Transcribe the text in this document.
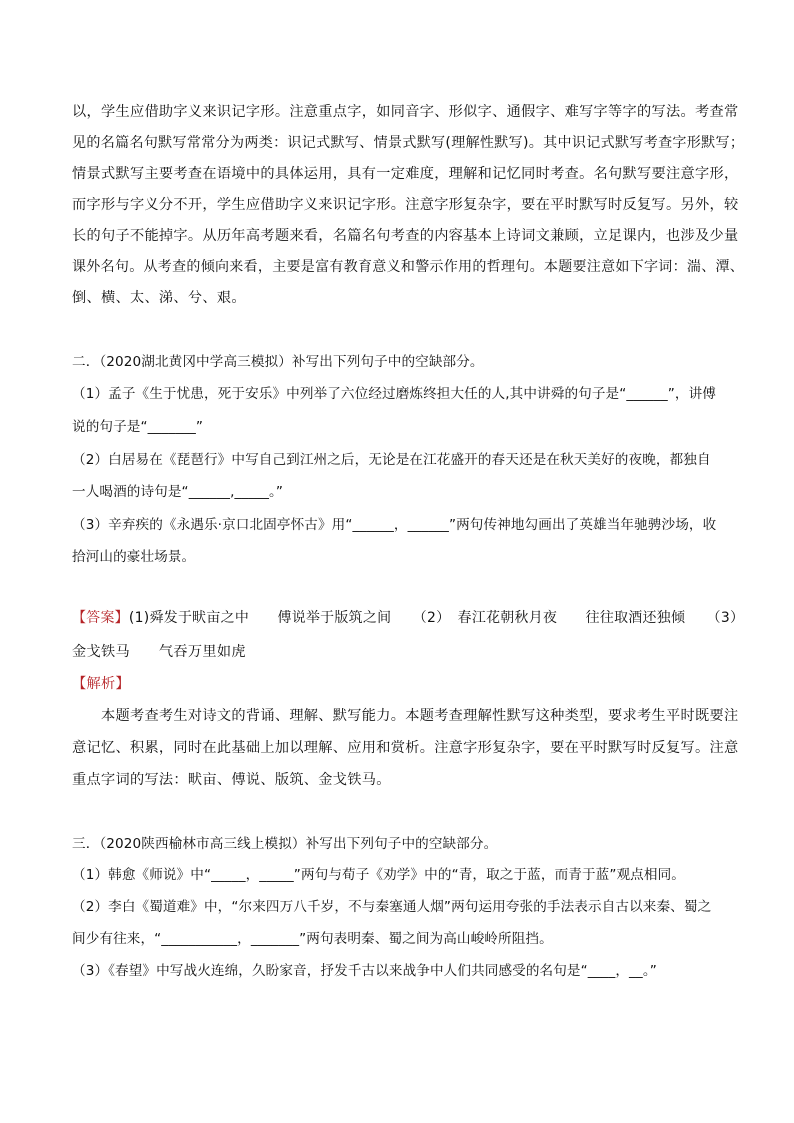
以，学生应借助字义来识记字形。注意重点字，如同音字、形似字、通假字、难写字等字的写法。考查常
见的名篇名句默写常常分为两类：识记式默写、情景式默写(理解性默写)。其中识记式默写考查字形默写；
情景式默写主要考查在语境中的具体运用，具有一定难度，理解和记忆同时考查。名句默写要注意字形，
而字形与字义分不开，学生应借助字义来识记字形。注意字形复杂字，要在平时默写时反复写。另外，较
长的句子不能掉字。从历年高考题来看，名篇名句考查的内容基本上诗词文兼顾，立足课内，也涉及少量
课外名句。从考查的倾向来看，主要是富有教育意义和警示作用的哲理句。本题要注意如下字词：湍、潭、
倒、横、太、涕、兮、艰。
二．（2020湖北黄冈中学高三模拟）补写出下列句子中的空缺部分。
（1）孟子《生于忧患，死于安乐》中列举了六位经过磨炼终担大任的人,其中讲舜的句子是“______”，讲傅
说的句子是“_______”
（2）白居易在《琵琶行》中写自己到江州之后，无论是在江花盛开的春天还是在秋天美好的夜晚，都独自
一人喝酒的诗句是“______,_____。”
（3）辛弃疾的《永遇乐·京口北固亭怀古》用“______，______”两句传神地勾画出了英雄当年驰骋沙场，收
拾河山的豪壮场景。
【答案】(1)舜发于畎亩之中　　傅说举于版筑之间　　（2）　春江花朝秋月夜　　往往取酒还独倾　　（3）
金戈铁马　　气吞万里如虎
【解析】
　　本题考查考生对诗文的背诵、理解、默写能力。本题考查理解性默写这种类型，要求考生平时既要注
意记忆、积累，同时在此基础上加以理解、应用和赏析。注意字形复杂字，要在平时默写时反复写。注意
重点字词的写法：畎亩、傅说、版筑、金戈铁马。
三．（2020陕西榆林市高三线上模拟）补写出下列句子中的空缺部分。
（1）韩愈《师说》中“_____，_____”两句与荀子《劝学》中的“青，取之于蓝，而青于蓝”观点相同。
（2）李白《蜀道难》中，“尔来四万八千岁，不与秦塞通人烟”两句运用夸张的手法表示自古以来秦、蜀之
间少有往来，“___________，_______”两句表明秦、蜀之间为高山峻岭所阻挡。
（3）《春望》中写战火连绵，久盼家音，抒发千古以来战争中人们共同感受的名句是“____，__。”
